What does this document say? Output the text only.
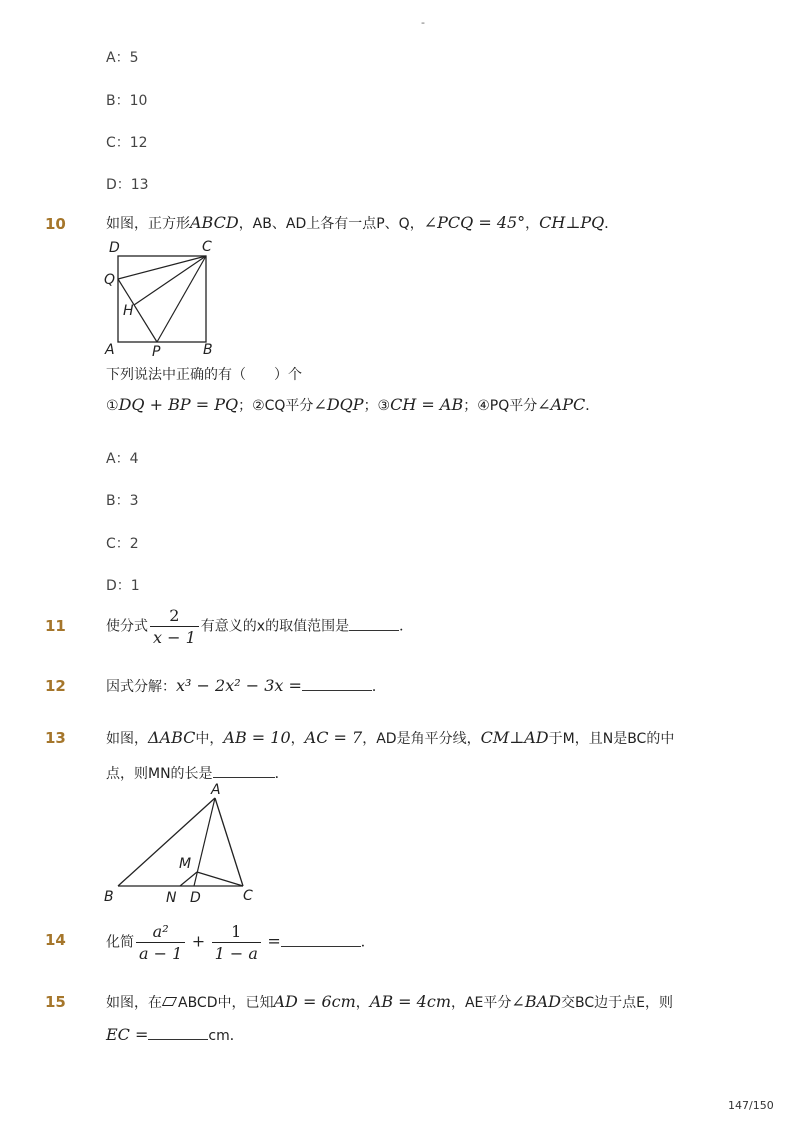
-
A：5
B：10
C：12
D：13
10	如图，正方形ABCD，AB、AD上各有一点P、Q，∠PCQ = 45°，CH⊥PQ．
D	C
Q
H
A	P	B
下列说法中正确的有（　　）个
①DQ + BP = PQ；②CQ平分∠DQP；③CH = AB；④PQ平分∠APC．
A：4
B：3
C：2
D：1
11	使分式 $\frac{2}{x - 1}$ 有意义的x的取值范围是	．
12	因式分解：x³ − 2x² − 3x =	．
13	如图，ΔABC中，AB = 10，AC = 7，AD是角平分线，CM⊥AD于M，且N是BC的中
点，则MN的长是	．
A
M
B	N D	C
14	化简 $\frac{\text{a²}}{a - 1} + \frac{1}{1 - a}$ =	．
15	如图，在 ABCD中，已知AD = 6cm，AB = 4cm，AE平分∠BAD交BC边于点E，则
EC =	cm．
147/150
